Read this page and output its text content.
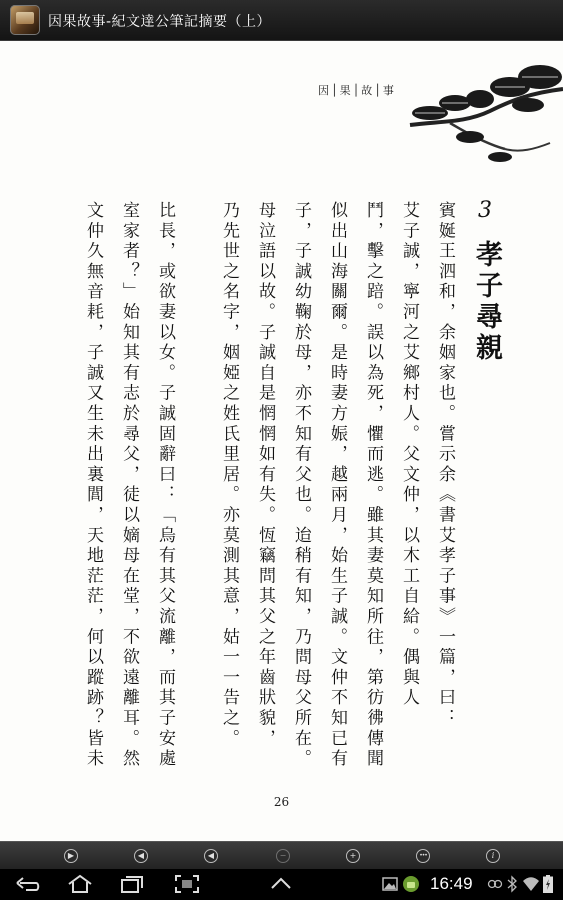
因果故事-紀文達公筆記摘要（上）
因│果│故│事
3
孝子尋親
賓娫王泗和，余姻家也。嘗示余《書艾孝子事》一篇，曰：
艾子誠，寧河之艾鄉村人。父文仲，以木工自給。偶與人
鬥，擊之踣。誤以為死，懼而逃。雖其妻莫知所往，第彷彿傳聞
似出山海關爾。是時妻方娠，越兩月，始生子誠。文仲不知已有
子，子誠幼鞠於母，亦不知有父也。迨稍有知，乃問母父所在。
母泣語以故。子誠自是惘惘如有失。恆竊問其父之年齒狀貌，
乃先世之名字，姻婭之姓氏里居。亦莫測其意，姑一一告之。
比長，或欲妻以女。子誠固辭曰：「烏有其父流離，而其子安處
室家者？」始知其有志於尋父，徒以嫡母在堂，不欲遠離耳。然
文仲久無音耗，子誠又生未出裏閭，天地茫茫，何以蹤跡？皆未
26
▶	◀	◀	−	+	•••	i
16:49
